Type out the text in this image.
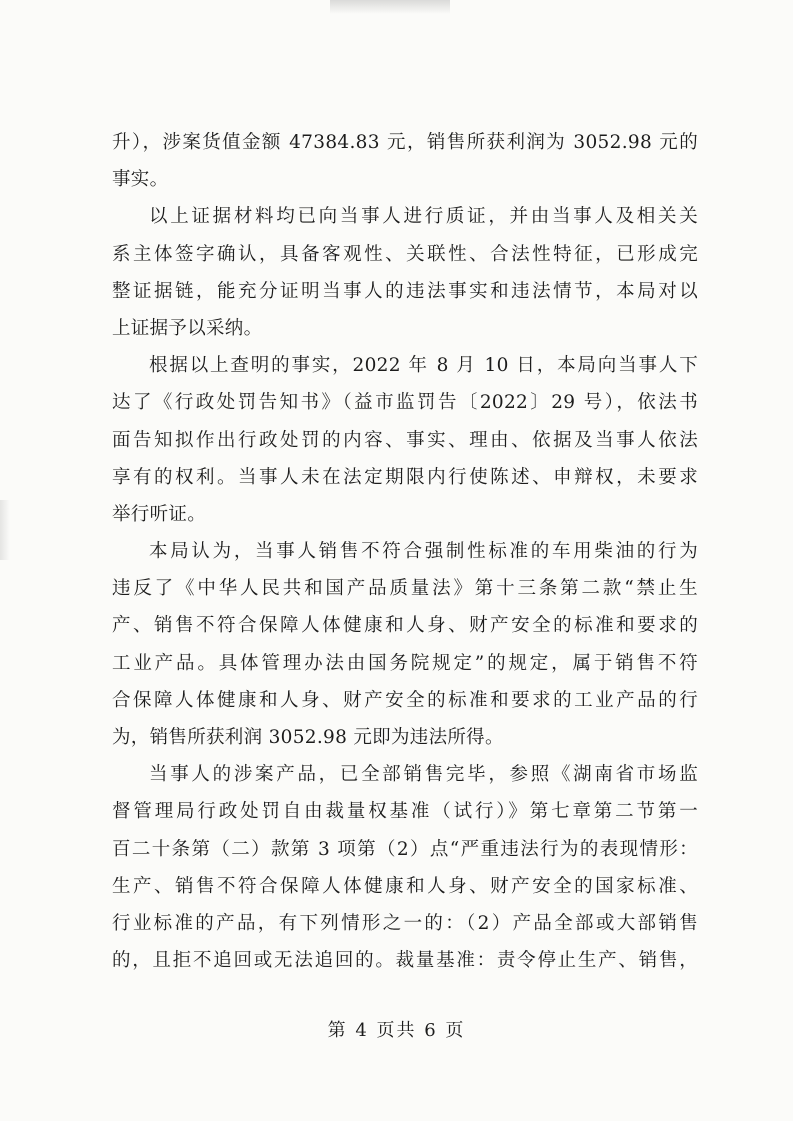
升），涉案货值金额 47384.83 元，销售所获利润为 3052.98 元的
事实。
以上证据材料均已向当事人进行质证，并由当事人及相关关
系主体签字确认，具备客观性、关联性、合法性特征，已形成完
整证据链，能充分证明当事人的违法事实和违法情节，本局对以
上证据予以采纳。
根据以上查明的事实，2022 年 8 月 10 日，本局向当事人下
达了《行政处罚告知书》（益市监罚告〔2022〕29 号），依法书
面告知拟作出行政处罚的内容、事实、理由、依据及当事人依法
享有的权利。当事人未在法定期限内行使陈述、申辩权，未要求
举行听证。
本局认为，当事人销售不符合强制性标准的车用柴油的行为
违反了《中华人民共和国产品质量法》第十三条第二款“禁止生
产、销售不符合保障人体健康和人身、财产安全的标准和要求的
工业产品。具体管理办法由国务院规定”的规定，属于销售不符
合保障人体健康和人身、财产安全的标准和要求的工业产品的行
为，销售所获利润 3052.98 元即为违法所得。
当事人的涉案产品，已全部销售完毕，参照《湖南省市场监
督管理局行政处罚自由裁量权基准（试行）》第七章第二节第一
百二十条第（二）款第 3 项第（2）点“严重违法行为的表现情形：
生产、销售不符合保障人体健康和人身、财产安全的国家标准、
行业标准的产品，有下列情形之一的：（2）产品全部或大部销售
的，且拒不追回或无法追回的。裁量基准：责令停止生产、销售，
第 4 页共 6 页
